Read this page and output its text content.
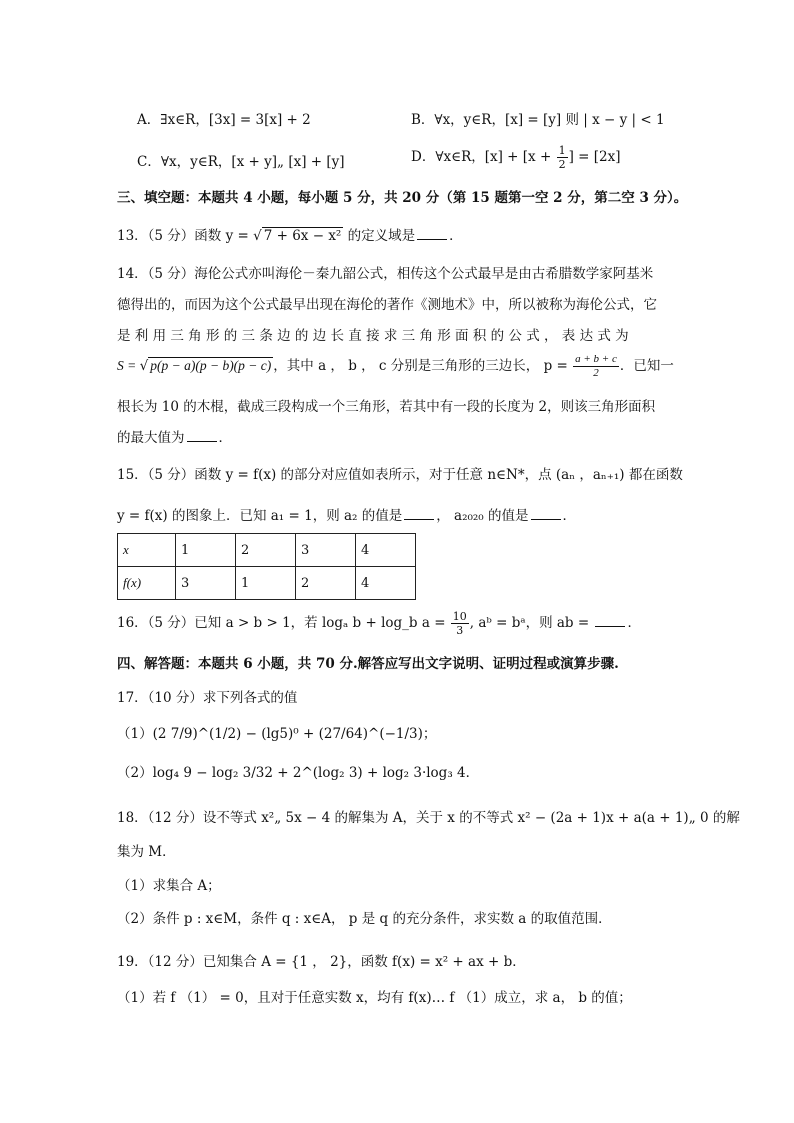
A．∃x∈R，[3x] = 3[x] + 2	B．∀x，y∈R，[x] = [y] 则 | x − y | < 1
C．∀x，y∈R，[x + y]„ [x] + [y]	D．∀x∈R，$[x] + [x + \frac{1}{2}$ ] = [2x]
三、填空题：本题共 4 小题，每小题 5 分，共 20 分（第 15 题第一空 2 分，第二空 3 分）。
13．（5 分）函数 y = √ 7 + 6x − x² 的定义域是	．
14．（5 分）海伦公式亦叫海伦－秦九韶公式，相传这个公式最早是由古希腊数学家阿基米
德得出的，而因为这个公式最早出现在海伦的著作《测地术》中，所以被称为海伦公式，它
是 利 用 三 角 形 的 三 条 边 的 边 长 直 接 求 三 角 形 面 积 的 公 式 ， 表 达 式 为
S = √ p(p − a)(p − b)(p − c) ，其中 a ， b ， c 分别是三角形的三边长， $p = \frac{a + b + c}{2}$ ．已知一
根长为 10 的木棍，截成三段构成一个三角形，若其中有一段的长度为 2，则该三角形面积
的最大值为	．
15．（5 分）函数 y = f(x) 的部分对应值如表所示，对于任意 n∈N*，点 (aₙ ，aₙ₊₁) 都在函数
y = f(x) 的图象上．已知 a₁ = 1，则 a₂ 的值是	， a₂₀₂₀ 的值是	．
x	1	2	3	4
f(x)	3	1	2	4
16．（5 分）已知 a > b > 1，若 logₐ b + log_b $a = \frac{10}{3}$ , aᵇ = bᵃ，则 ab =	．
四、解答题：本题共 6 小题，共 70 分.解答应写出文字说明、证明过程或演算步骤.
17．（10 分）求下列各式的值
（1）(2 7/9)^(1/2) − (lg5)⁰ + (27/64)^(−1/3)；
（2）log₄ 9 − log₂ 3/32 + 2^(log₂ 3) + log₂ 3·log₃ 4．
18．（12 分）设不等式 x²„ 5x − 4 的解集为 A，关于 x 的不等式 x² − (2a + 1)x + a(a + 1)„ 0 的解
集为 M．
（1）求集合 A；
（2）条件 p : x∈M，条件 q : x∈A， p 是 q 的充分条件，求实数 a 的取值范围．
19．（12 分）已知集合 A = {1 ， 2}，函数 f(x) = x² + ax + b．
（1）若 f （1） = 0，且对于任意实数 x，均有 f(x)… f （1）成立，求 a， b 的值；
